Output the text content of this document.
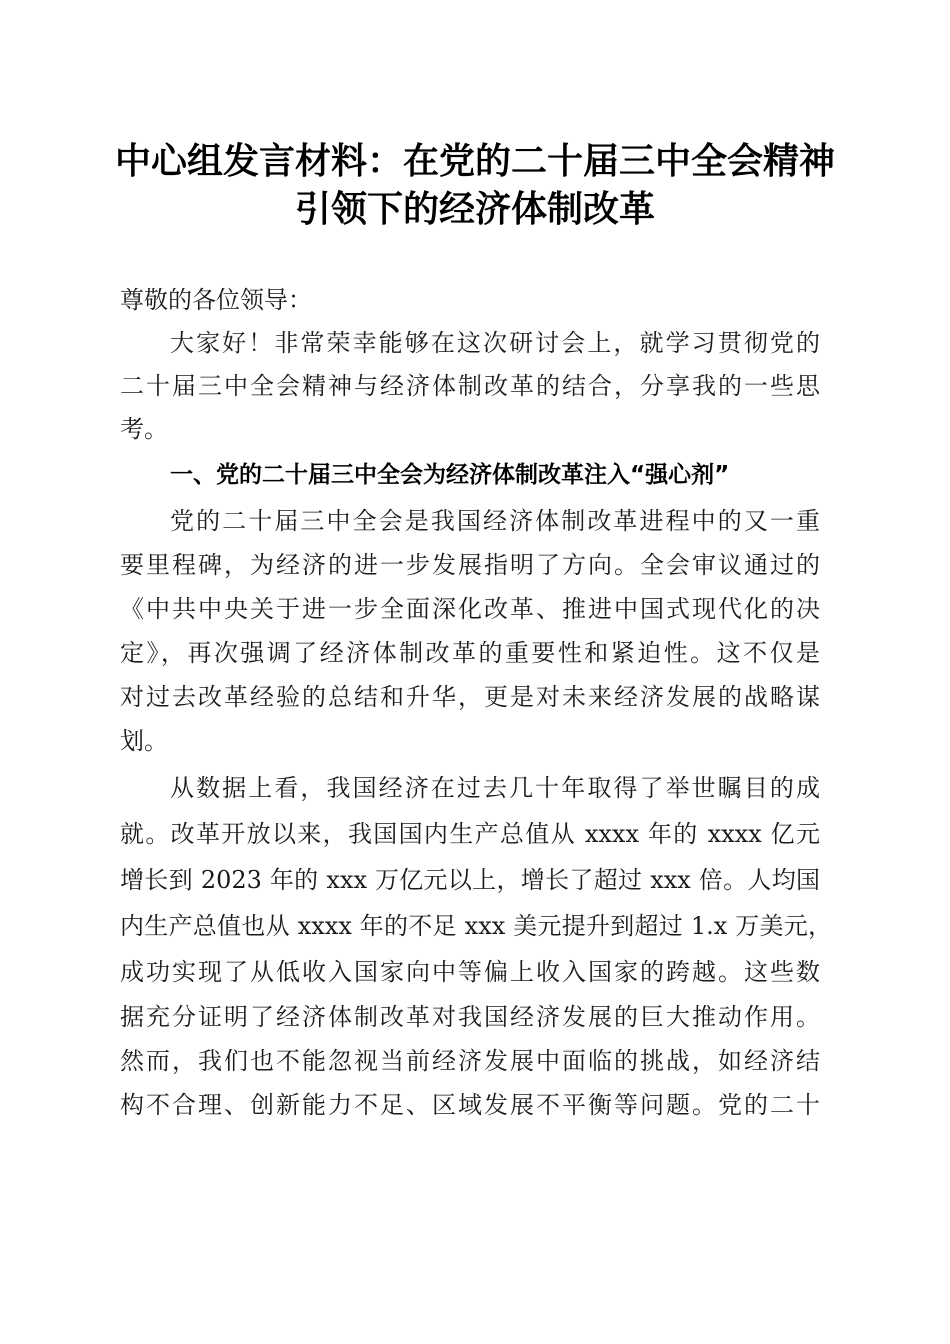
中心组发言材料：在党的二十届三中全会精神
引领下的经济体制改革
尊敬的各位领导：
大家好！非常荣幸能够在这次研讨会上，就学习贯彻党的
二十届三中全会精神与经济体制改革的结合，分享我的一些思
考。
一、党的二十届三中全会为经济体制改革注入“强心剂”
党的二十届三中全会是我国经济体制改革进程中的又一重
要里程碑，为经济的进一步发展指明了方向。全会审议通过的
《中共中央关于进一步全面深化改革、推进中国式现代化的决
定》，再次强调了经济体制改革的重要性和紧迫性。这不仅是
对过去改革经验的总结和升华，更是对未来经济发展的战略谋
划。
从数据上看，我国经济在过去几十年取得了举世瞩目的成
就。改革开放以来，我国国内生产总值从 xxxx 年的 xxxx 亿元
增长到 2023 年的 xxx 万亿元以上，增长了超过 xxx 倍。人均国
内生产总值也从 xxxx 年的不足 xxx 美元提升到超过 1.x 万美元，
成功实现了从低收入国家向中等偏上收入国家的跨越。这些数
据充分证明了经济体制改革对我国经济发展的巨大推动作用。
然而，我们也不能忽视当前经济发展中面临的挑战，如经济结
构不合理、创新能力不足、区域发展不平衡等问题。党的二十
